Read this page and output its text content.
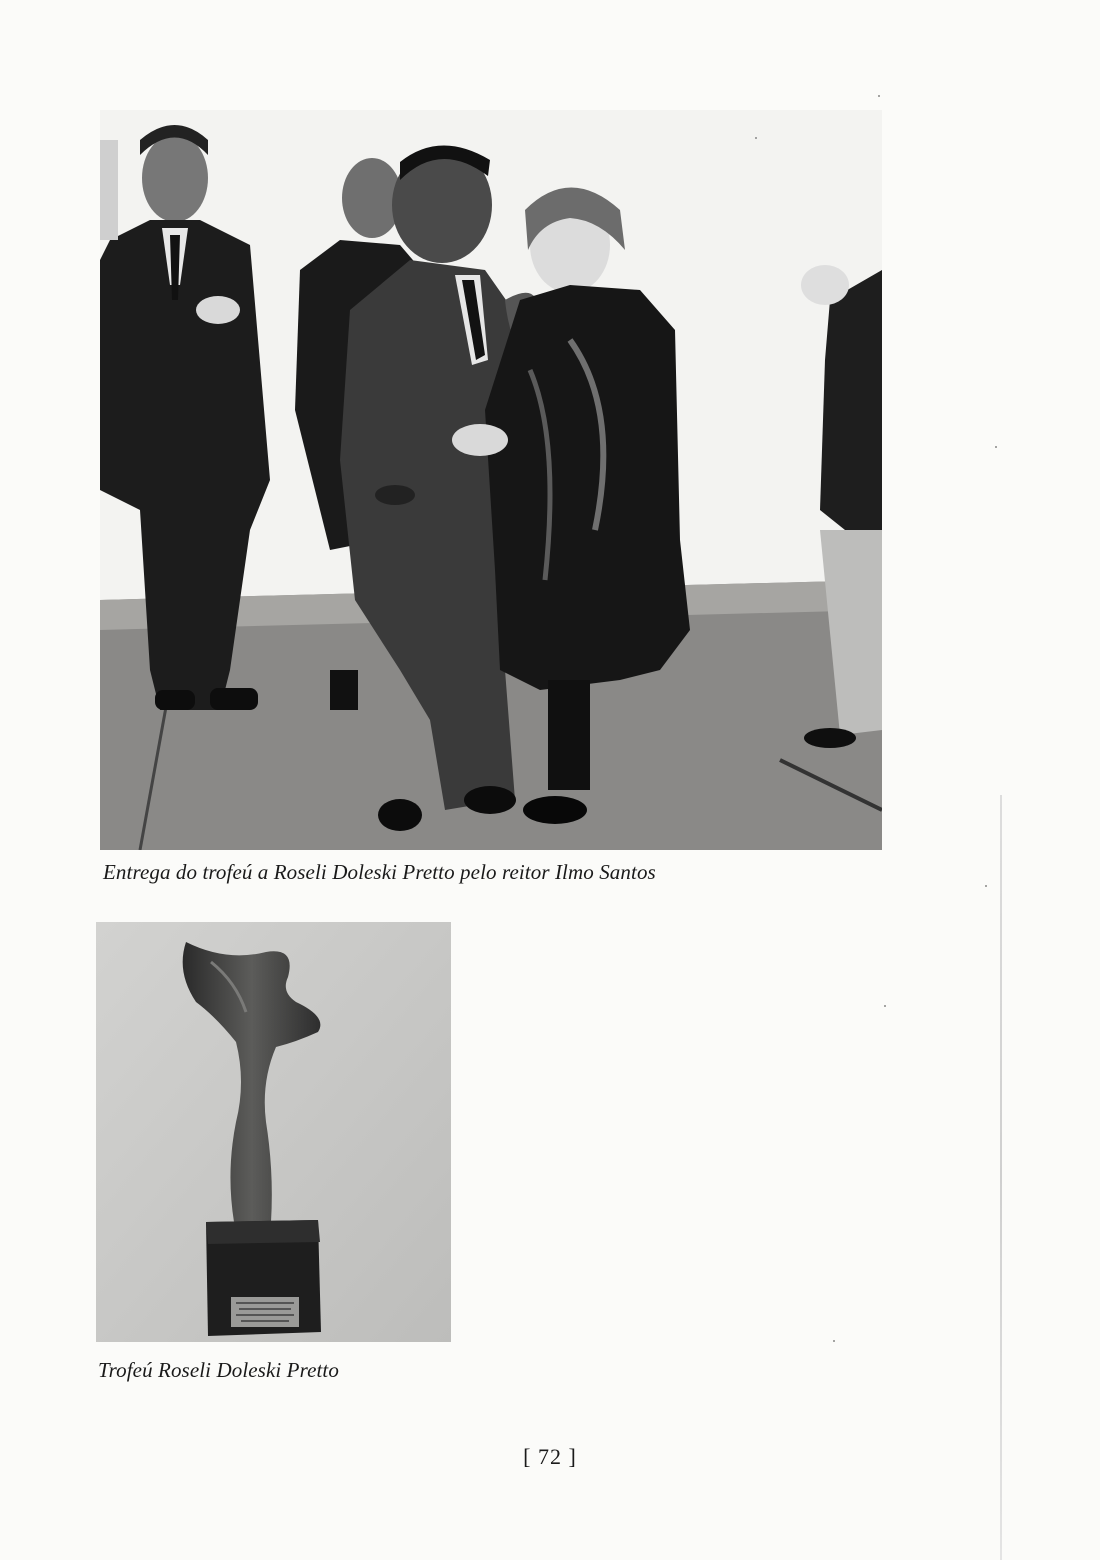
Entrega do trofeú a Roseli Doleski Pretto pelo reitor Ilmo Santos

Trofeú Roseli Doleski Pretto

[ 72 ]
